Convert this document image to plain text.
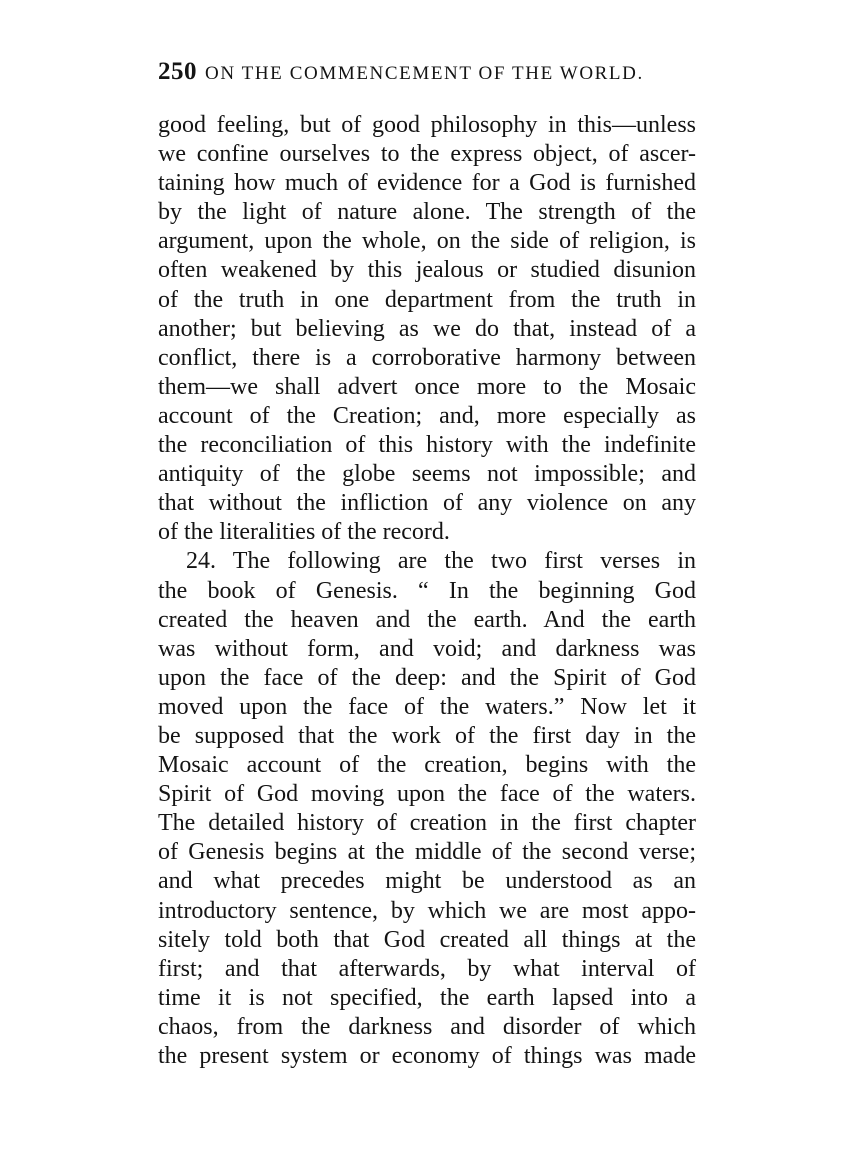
250 ON THE COMMENCEMENT OF THE WORLD.
good feeling, but of good philosophy in this—unless
we confine ourselves to the express object, of ascer-
taining how much of evidence for a God is furnished
by the light of nature alone. The strength of the
argument, upon the whole, on the side of religion, is
often weakened by this jealous or studied disunion
of the truth in one department from the truth in
another; but believing as we do that, instead of a
conflict, there is a corroborative harmony between
them—we shall advert once more to the Mosaic
account of the Creation; and, more especially as
the reconciliation of this history with the indefinite
antiquity of the globe seems not impossible; and
that without the infliction of any violence on any
of the literalities of the record.
24. The following are the two first verses in
the book of Genesis. “ In the beginning God
created the heaven and the earth. And the earth
was without form, and void; and darkness was
upon the face of the deep: and the Spirit of God
moved upon the face of the waters.” Now let it
be supposed that the work of the first day in the
Mosaic account of the creation, begins with the
Spirit of God moving upon the face of the waters.
The detailed history of creation in the first chapter
of Genesis begins at the middle of the second verse;
and what precedes might be understood as an
introductory sentence, by which we are most appo-
sitely told both that God created all things at the
first; and that afterwards, by what interval of
time it is not specified, the earth lapsed into a
chaos, from the darkness and disorder of which
the present system or economy of things was made
